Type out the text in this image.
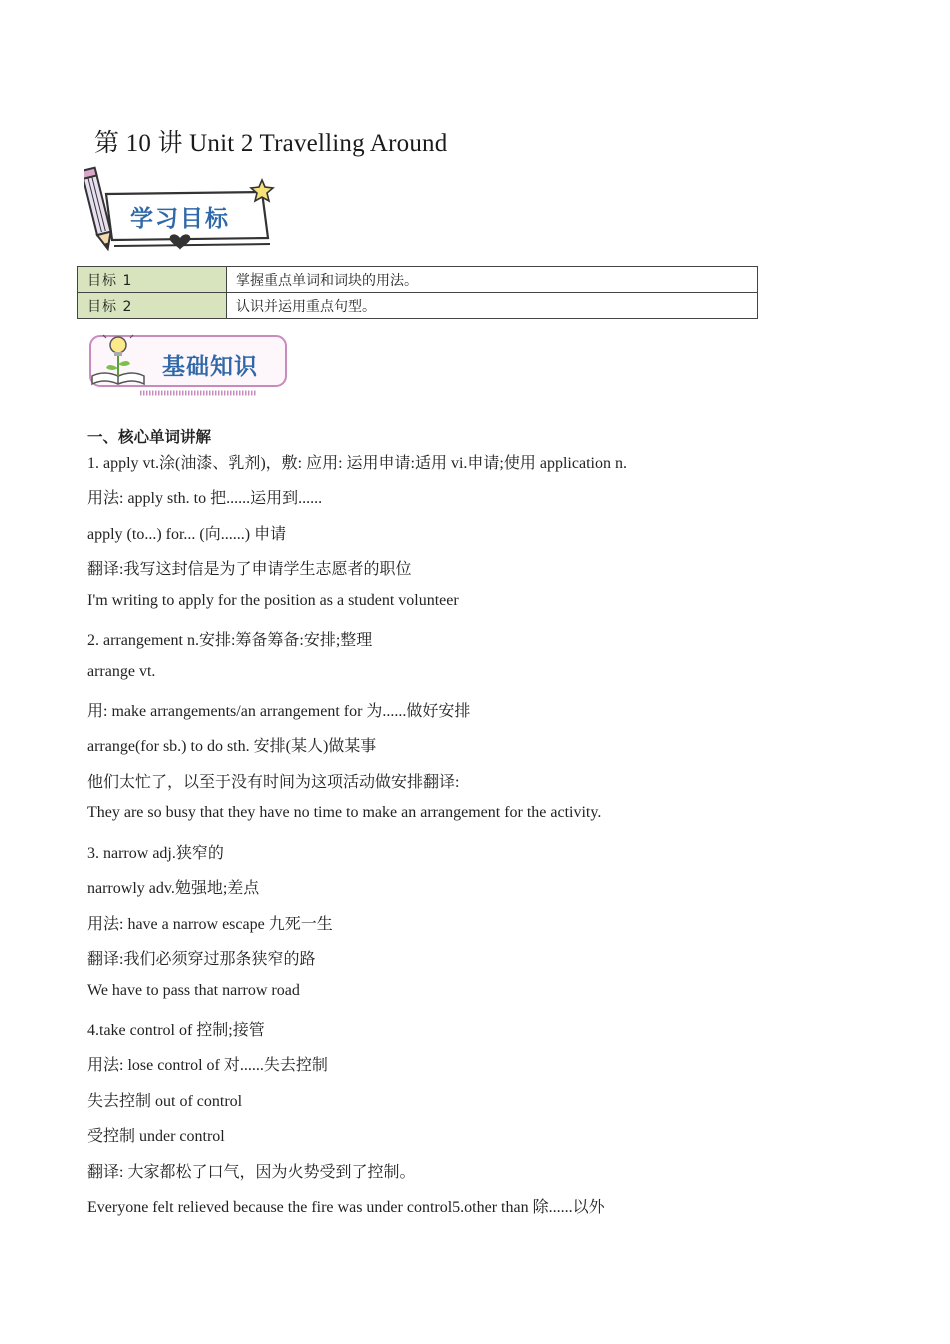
第 10 讲 Unit 2 Travelling Around
学习目标
目标 1	掌握重点单词和词块的用法。
目标 2	认识并运用重点句型。
基础知识
一、核心单词讲解
1. apply vt.涂(油漆、乳剂)，敷: 应用: 运用申请:适用 vi.申请;使用 application n.
用法: apply sth. to 把......运用到......
apply (to...) for... (向......) 申请
翻译:我写这封信是为了申请学生志愿者的职位
I'm writing to apply for the position as a student volunteer
2. arrangement n.安排:筹备筹备:安排;整理
arrange vt.
用: make arrangements/an arrangement for 为......做好安排
arrange(for sb.) to do sth. 安排(某人)做某事
他们太忙了，以至于没有时间为这项活动做安排翻译:
They are so busy that they have no time to make an arrangement for the activity.
3. narrow adj.狭窄的
narrowly adv.勉强地;差点
用法: have a narrow escape 九死一生
翻译:我们必须穿过那条狭窄的路
We have to pass that narrow road
4.take control of 控制;接管
用法: lose control of 对......失去控制
失去控制 out of control
受控制 under control
翻译: 大家都松了口气，因为火势受到了控制。
Everyone felt relieved because the fire was under control5.other than 除......以外
